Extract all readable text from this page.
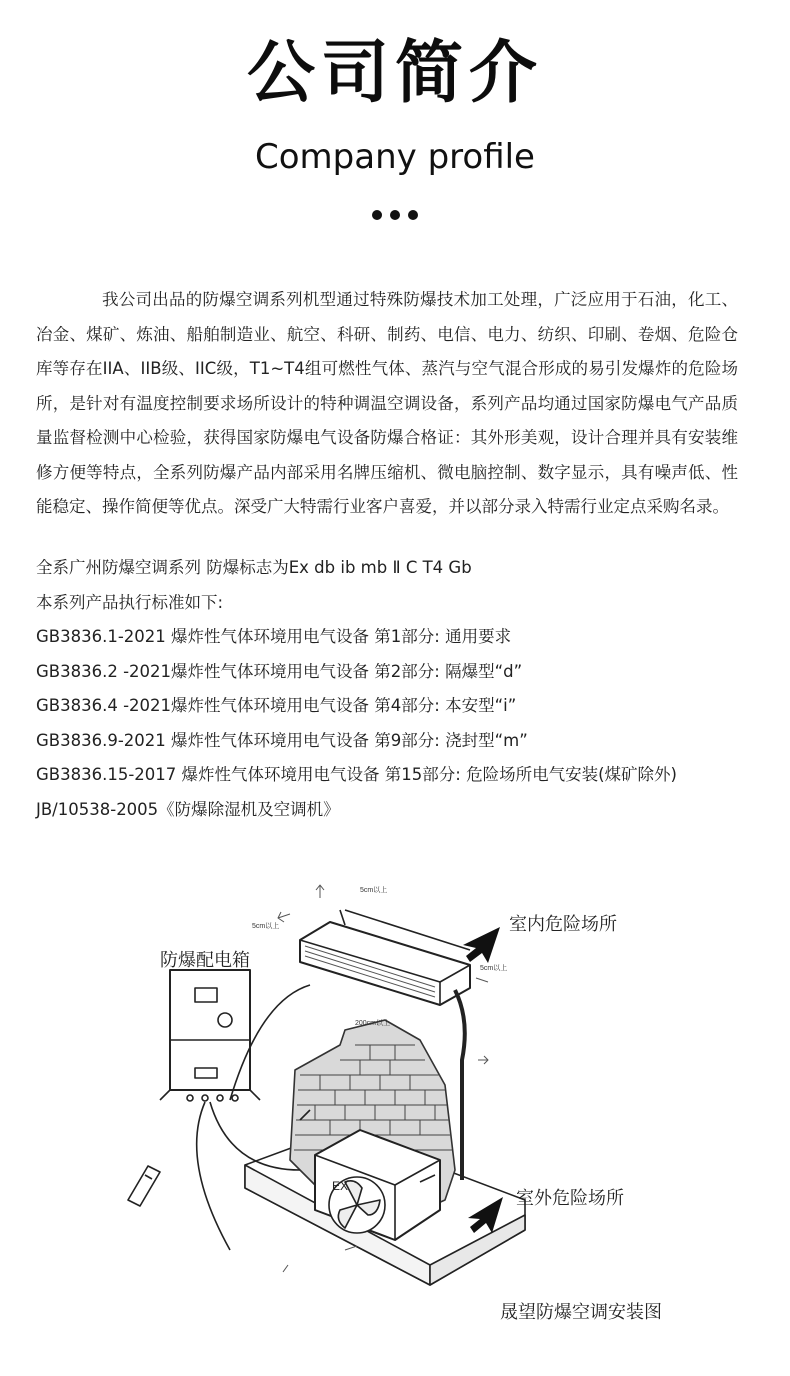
公司简介
Company profile

我公司出品的防爆空调系列机型通过特殊防爆技术加工处理，广泛应用于石油，化工、冶金、煤矿、炼油、船舶制造业、航空、科研、制药、电信、电力、纺织、印刷、卷烟、危险仓库等存在IIA、IIB级、IIC级，T1~T4组可燃性气体、蒸汽与空气混合形成的易引发爆炸的危险场所，是针对有温度控制要求场所设计的特种调温空调设备，系列产品均通过国家防爆电气产品质量监督检测中心检验，获得国家防爆电气设备防爆合格证：其外形美观，设计合理并具有安装维修方便等特点，全系列防爆产品内部采用名牌压缩机、微电脑控制、数字显示，具有噪声低、性能稳定、操作简便等优点。深受广大特需行业客户喜爱，并以部分录入特需行业定点采购名录。

全系广州防爆空调系列 防爆标志为Ex db ib mb Ⅱ C T4 Gb
本系列产品执行标准如下:
GB3836.1-2021 爆炸性气体环境用电气设备 第1部分: 通用要求
GB3836.2 -2021爆炸性气体环境用电气设备 第2部分: 隔爆型“d”
GB3836.4 -2021爆炸性气体环境用电气设备 第4部分: 本安型“i”
GB3836.9-2021 爆炸性气体环境用电气设备 第9部分: 浇封型“m”
GB3836.15-2017 爆炸性气体环境用电气设备 第15部分: 危险场所电气安装(煤矿除外)
JB/10538-2005《防爆除湿机及空调机》
EX
5cm以上
5cm以上
5cm以上
200cm以上
防爆配电箱
室内危险场所
室外危险场所
晟望防爆空调安装图
